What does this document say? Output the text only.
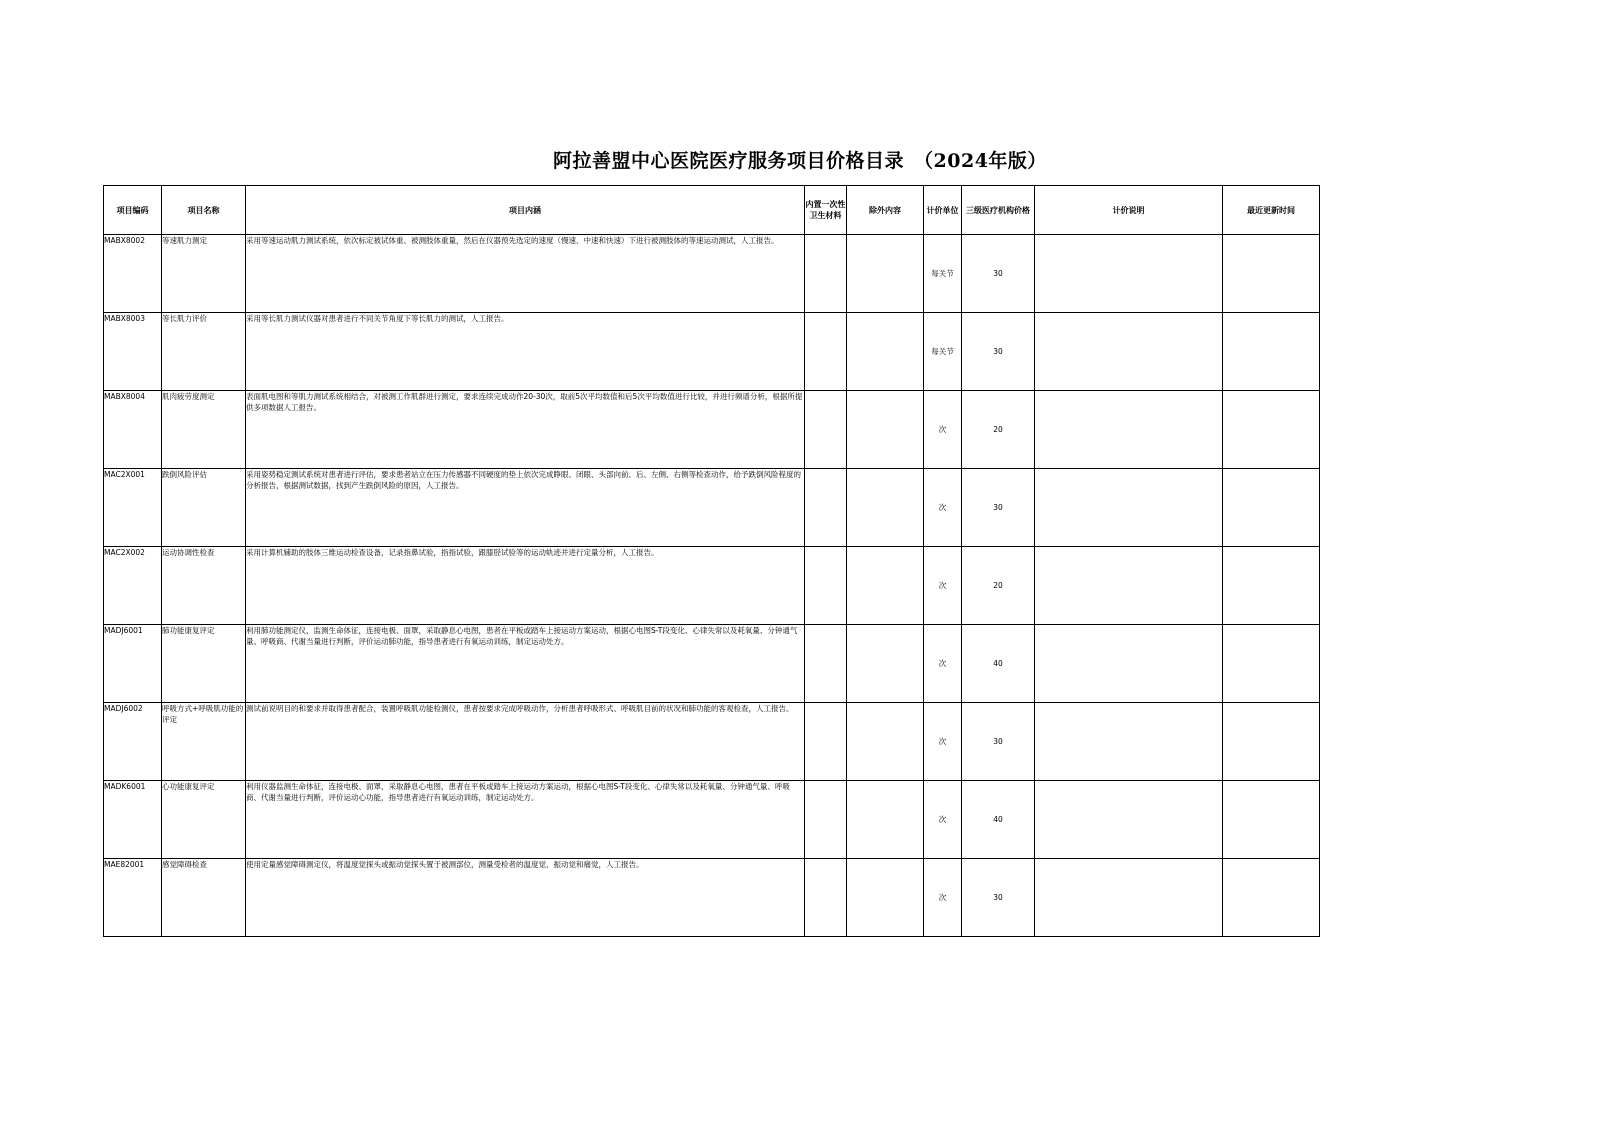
阿拉善盟中心医院医疗服务项目价格目录　（2024年版）
项目编码	项目名称	项目内涵	内置一次性卫生材料	除外内容	计价单位	三级医疗机构价格	计价说明	最近更新时间
MABX8002	等速肌力测定	采用等速运动肌力测试系统，依次标定被试体重、被测肢体重量，然后在仪器预先选定的速度（慢速、中速和快速）下进行被测肢体的等速运动测试，人工报告。			每关节	30		
MABX8003	等长肌力评价	采用等长肌力测试仪器对患者进行不同关节角度下等长肌力的测试，人工报告。			每关节	30		
MABX8004	肌肉疲劳度测定	表面肌电图和等肌力测试系统相结合，对被测工作肌群进行测定，要求连续完成动作20-30次，取前5次平均数值和后5次平均数值进行比较，并进行频谱分析，根据所提供多项数据人工报告。			次	20		
MAC2X001	跌倒风险评估	采用姿势稳定测试系统对患者进行评估，要求患者站立在压力传感器不同硬度的垫上依次完成睁眼、闭眼、头部向前、后、左侧、右侧等检查动作，给予跌倒风险程度的分析报告，根据测试数据，找到产生跌倒风险的原因，人工报告。			次	30		
MAC2X002	运动协调性检查	采用计算机辅助的肢体三维运动检查设备，记录指鼻试验，指指试验，跟膝胫试验等的运动轨迹并进行定量分析，人工报告。			次	20		
MADJ6001	肺功能康复评定	利用肺功能测定仪，监测生命体征，连接电极、面罩，采取静息心电图，患者在平板或踏车上接运动方案运动，根据心电图S-T段变化、心律失常以及耗氧量、分钟通气量、呼吸商、代谢当量进行判断，评价运动肺功能，指导患者进行有氧运动训练，制定运动处方。			次	40		
MADJ6002	呼吸方式+呼吸肌功能的评定	测试前说明目的和要求并取得患者配合，装置呼吸肌功能检测仪，患者按要求完成呼吸动作，分析患者呼吸形式、呼吸肌目前的状况和肺功能的客观检查，人工报告。			次	30		
MADK6001	心功能康复评定	利用仪器监测生命体征，连接电极、面罩，采取静息心电图，患者在平板或踏车上接运动方案运动，根据心电图S-T段变化、心律失常以及耗氧量、分钟通气量、呼吸商、代谢当量进行判断，评价运动心功能，指导患者进行有氧运动训练，制定运动处方。			次	40		
MAE82001	感觉障碍检查	使用定量感觉障碍测定仪，将温度觉探头或振动觉探头置于被测部位，测量受检者的温度觉、振动觉和痛觉，人工报告。			次	30		
